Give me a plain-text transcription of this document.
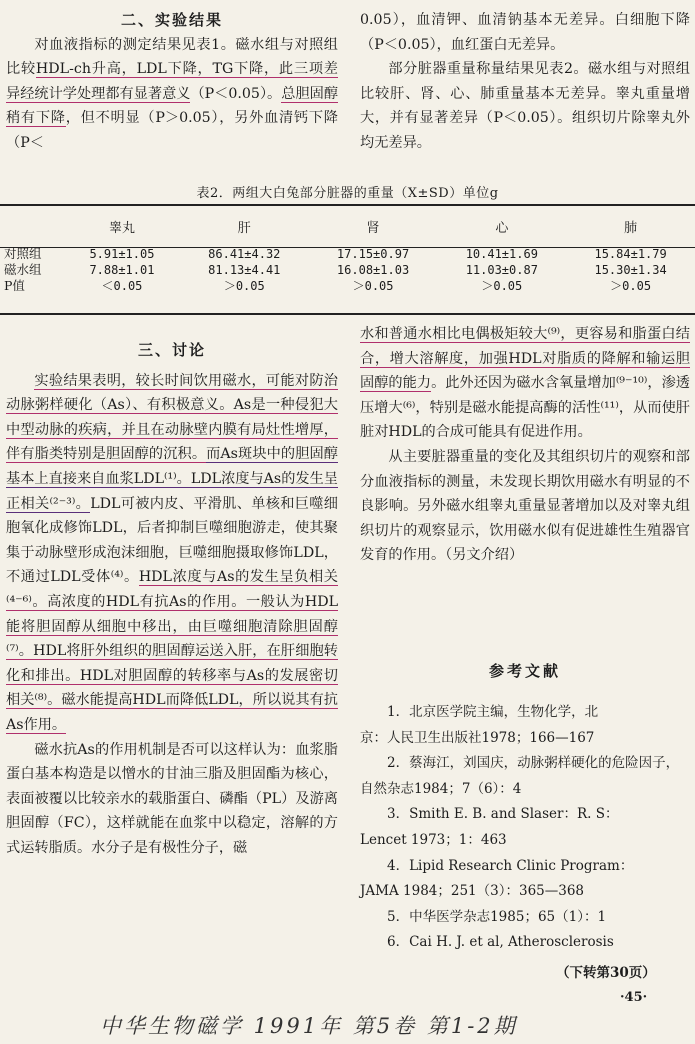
二、实验结果

对血液指标的测定结果见表1。磁水组与对照组比较HDL-ch升高，LDL下降，TG下降，此三项差异经统计学处理都有显著意义（P＜0.05）。总胆固醇稍有下降，但不明显（P＞0.05），另外血清钙下降（P＜

0.05），血清钾、血清钠基本无差异。白细胞下降（P＜0.05），血红蛋白无差异。

部分脏器重量称量结果见表2。磁水组与对照组比较肝、肾、心、肺重量基本无差异。睾丸重量增大，并有显著差异（P＜0.05）。组织切片除睾丸外均无差异。

表2．两组大白兔部分脏器的重量（X±SD）单位g
	睾丸	肝	肾	心	肺
对照组	5.91±1.05	86.41±4.32	17.15±0.97	10.41±1.69	15.84±1.79
磁水组	7.88±1.01	81.13±4.41	16.08±1.03	11.03±0.87	15.30±1.34
P值	＜0.05	＞0.05	＞0.05	＞0.05	＞0.05
三、讨论

实验结果表明，较长时间饮用磁水，可能对防治动脉粥样硬化（As）、有积极意义。As是一种侵犯大中型动脉的疾病，并且在动脉壁内膜有局灶性增厚，伴有脂类特别是胆固醇的沉积。而As斑块中的胆固醇基本上直接来自血浆LDL⁽¹⁾。LDL浓度与As的发生呈正相关⁽²⁻³⁾。LDL可被内皮、平滑肌、单核和巨噬细胞氧化成修饰LDL，后者抑制巨噬细胞游走，使其聚集于动脉壁形成泡沫细胞，巨噬细胞摄取修饰LDL，不通过LDL受体⁽⁴⁾。HDL浓度与As的发生呈负相关⁽⁴⁻⁶⁾。高浓度的HDL有抗As的作用。一般认为HDL能将胆固醇从细胞中移出，由巨噬细胞清除胆固醇⁽⁷⁾。HDL将肝外组织的胆固醇运送入肝，在肝细胞转化和排出。HDL对胆固醇的转移率与As的发展密切相关⁽⁸⁾。磁水能提高HDL而降低LDL，所以说其有抗As作用。

磁水抗As的作用机制是否可以这样认为：血浆脂蛋白基本构造是以憎水的甘油三脂及胆固酯为核心，表面被覆以比较亲水的载脂蛋白、磷酯（PL）及游离胆固醇（FC），这样就能在血浆中以稳定，溶解的方式运转脂质。水分子是有极性分子，磁

水和普通水相比电偶极矩较大⁽⁹⁾，更容易和脂蛋白结合，增大溶解度，加强HDL对脂质的降解和输运胆固醇的能力。此外还因为磁水含氧量增加⁽⁹⁻¹⁰⁾，渗透压增大⁽⁶⁾，特别是磁水能提高酶的活性⁽¹¹⁾，从而使肝脏对HDL的合成可能具有促进作用。

从主要脏器重量的变化及其组织切片的观察和部分血液指标的测量，未发现长期饮用磁水有明显的不良影响。另外磁水组睾丸重量显著增加以及对睾丸组织切片的观察显示，饮用磁水似有促进雄性生殖器官发育的作用。（另文介绍）

参考文献
1．北京医学院主编，生物化学，北
京：人民卫生出版社1978；166—167
2．蔡海江，刘国庆，动脉粥样硬化的危险因子，自然杂志1984；7（6）：4
3．Smith E. B. and Slaser：R. S：
Lencet 1973；1：463
4．Lipid Research Clinic Program：
JAMA 1984；251（3）：365—368
5．中华医学杂志1985；65（1）：1
6．Cai H. J. et al, Atherosclerosis
（下转第30页）
·45·
中华生物磁学 1991年 第5卷 第1-2期
